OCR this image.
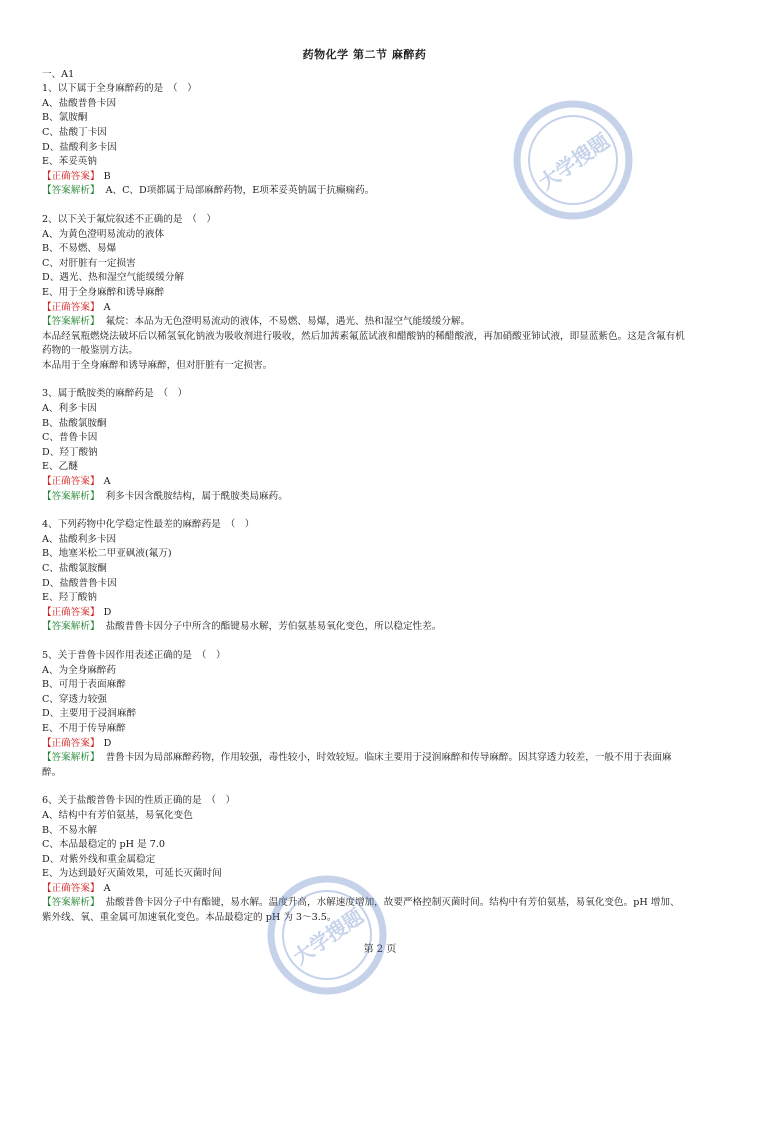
药物化学 第二节 麻醉药
一、A1
1、以下属于全身麻醉药的是　（　）
A、盐酸普鲁卡因
B、氯胺酮
C、盐酸丁卡因
D、盐酸利多卡因
E、苯妥英钠
【正确答案】 B
【答案解析】 A、C、D项都属于局部麻醉药物，E项苯妥英钠属于抗癫痫药。
2、以下关于氟烷叙述不正确的是　（　）
A、为黄色澄明易流动的液体
B、不易燃、易爆
C、对肝脏有一定损害
D、遇光、热和湿空气能缓缓分解
E、用于全身麻醉和诱导麻醉
【正确答案】 A
【答案解析】 氟烷：本品为无色澄明易流动的液体，不易燃、易爆，遇光、热和湿空气能缓缓分解。
本品经氧瓶燃烧法破坏后以稀氢氧化钠液为吸收剂进行吸收，然后加茜素氟蓝试液和醋酸钠的稀醋酸液，再加硝酸亚铈试液，即显蓝紫色。这是含氟有机药物的一般鉴别方法。
本品用于全身麻醉和诱导麻醉，但对肝脏有一定损害。
3、属于酰胺类的麻醉药是　（　）
A、利多卡因
B、盐酸氯胺酮
C、普鲁卡因
D、羟丁酸钠
E、乙醚
【正确答案】 A
【答案解析】 利多卡因含酰胺结构，属于酰胺类局麻药。
4、下列药物中化学稳定性最差的麻醉药是　（　）
A、盐酸利多卡因
B、地塞米松二甲亚砜液(氟万)
C、盐酸氯胺酮
D、盐酸普鲁卡因
E、羟丁酸钠
【正确答案】 D
【答案解析】 盐酸普鲁卡因分子中所含的酯键易水解，芳伯氨基易氧化变色，所以稳定性差。
5、关于普鲁卡因作用表述正确的是　（　）
A、为全身麻醉药
B、可用于表面麻醉
C、穿透力较强
D、主要用于浸润麻醉
E、不用于传导麻醉
【正确答案】 D
【答案解析】 普鲁卡因为局部麻醉药物，作用较强，毒性较小，时效较短。临床主要用于浸润麻醉和传导麻醉。因其穿透力较差，一般不用于表面麻醉。
6、关于盐酸普鲁卡因的性质正确的是　（　）
A、结构中有芳伯氨基，易氧化变色
B、不易水解
C、本品最稳定的 pH 是 7.0
D、对紫外线和重金属稳定
E、为达到最好灭菌效果，可延长灭菌时间
【正确答案】 A
【答案解析】 盐酸普鲁卡因分子中有酯键，易水解。温度升高，水解速度增加，故要严格控制灭菌时间。结构中有芳伯氨基，易氧化变色。pH 增加、紫外线、氧、重金属可加速氧化变色。本品最稳定的 pH 为 3～3.5。
第 2 页
大学搜题
大学搜题
